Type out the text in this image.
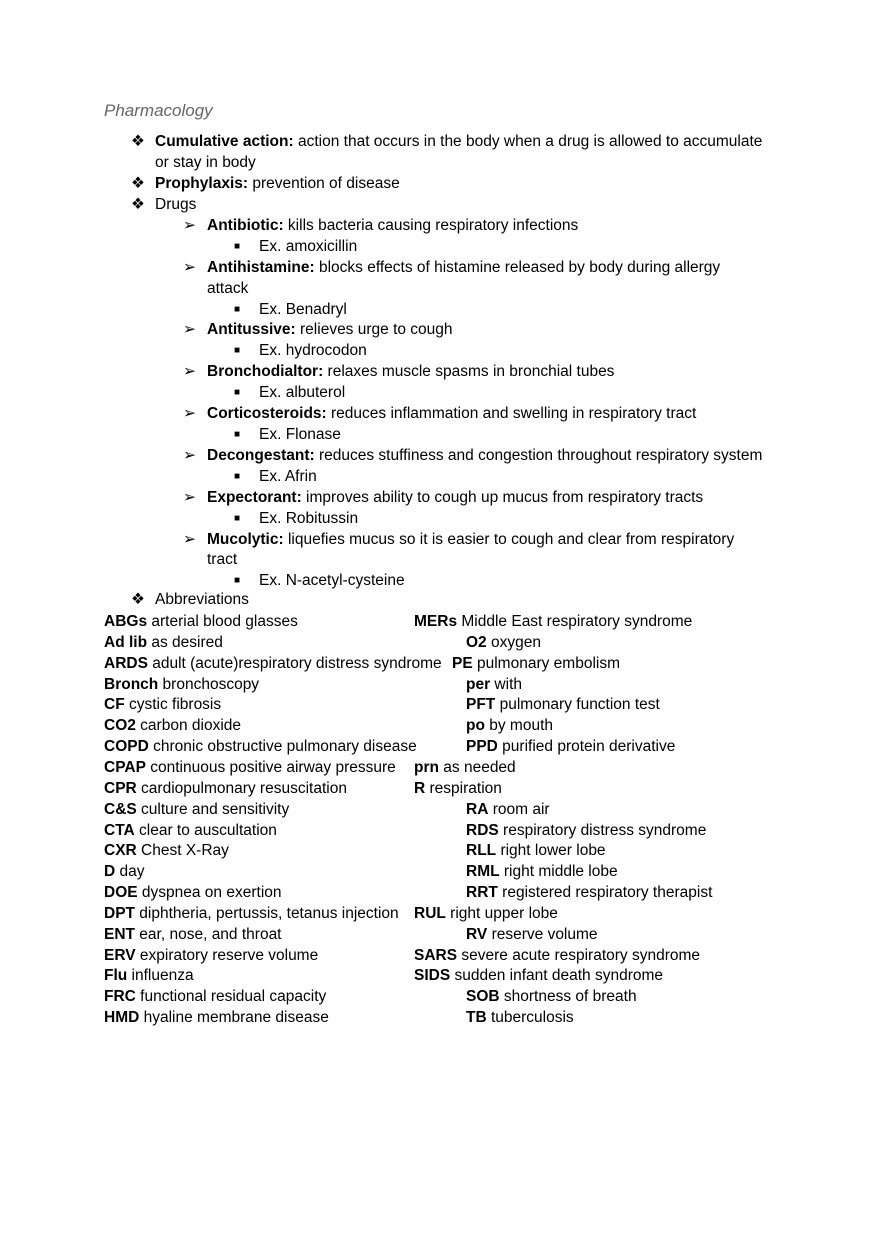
Pharmacology
❖ Cumulative action: action that occurs in the body when a drug is allowed to accumulate
or stay in body
❖ Prophylaxis: prevention of disease
❖ Drugs
➢ Antibiotic: kills bacteria causing respiratory infections
■ Ex. amoxicillin
➢ Antihistamine: blocks effects of histamine released by body during allergy
attack
■ Ex. Benadryl
➢ Antitussive: relieves urge to cough
■ Ex. hydrocodon
➢ Bronchodialtor: relaxes muscle spasms in bronchial tubes
■ Ex. albuterol
➢ Corticosteroids: reduces inflammation and swelling in respiratory tract
■ Ex. Flonase
➢ Decongestant: reduces stuffiness and congestion throughout respiratory system
■ Ex. Afrin
➢ Expectorant: improves ability to cough up mucus from respiratory tracts
■ Ex. Robitussin
➢ Mucolytic: liquefies mucus so it is easier to cough and clear from respiratory
tract
■ Ex. N-acetyl-cysteine
❖ Abbreviations
ABGs arterial blood glasses
Ad lib as desired
ARDS adult (acute)respiratory distress syndrome
Bronch bronchoscopy
CF cystic fibrosis
CO2 carbon dioxide
COPD chronic obstructive pulmonary disease
CPAP continuous positive airway pressure
CPR cardiopulmonary resuscitation
C&S culture and sensitivity
CTA clear to auscultation
CXR Chest X-Ray
D day
DOE dyspnea on exertion
DPT diphtheria, pertussis, tetanus injection
ENT ear, nose, and throat
ERV expiratory reserve volume
Flu influenza
FRC functional residual capacity
HMD hyaline membrane disease
MERs Middle East respiratory syndrome
O2 oxygen
PE pulmonary embolism
per with
PFT pulmonary function test
po by mouth
PPD purified protein derivative
prn as needed
R respiration
RA room air
RDS respiratory distress syndrome
RLL right lower lobe
RML right middle lobe
RRT registered respiratory therapist
RUL right upper lobe
RV reserve volume
SARS severe acute respiratory syndrome
SIDS sudden infant death syndrome
SOB shortness of breath
TB tuberculosis
